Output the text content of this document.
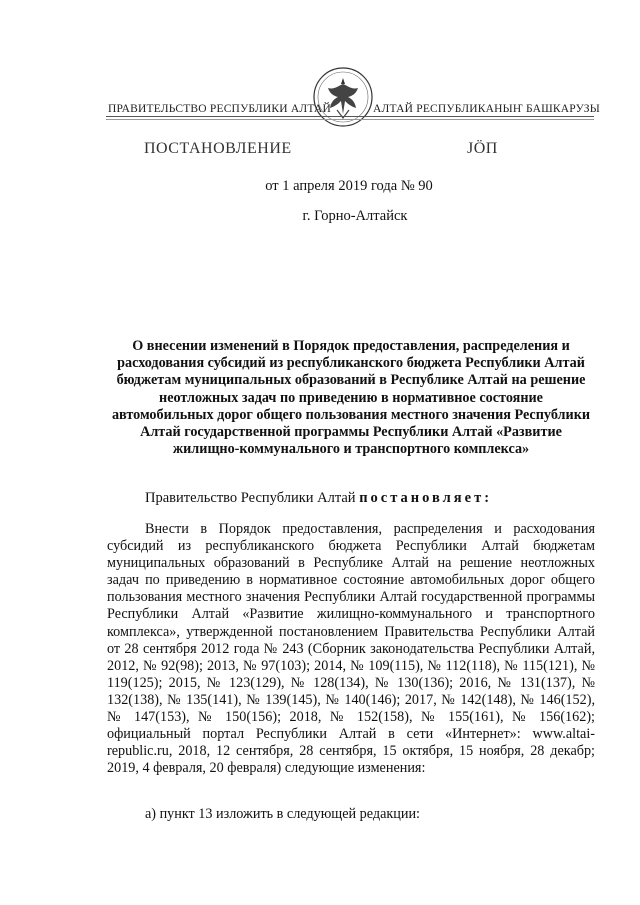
ПРАВИТЕЛЬСТВО РЕСПУБЛИКИ АЛТАЙ	АЛТАЙ РЕСПУБЛИКАНЫҤ БАШКАРУЗЫ
ПОСТАНОВЛЕНИЕ	ЈӦП
от 1 апреля 2019 года № 90
г. Горно-Алтайск
О внесении изменений в Порядок предоставления, распределения и расходования субсидий из республиканского бюджета Республики Алтай бюджетам муниципальных образований в Республике Алтай на решение неотложных задач по приведению в нормативное состояние автомобильных дорог общего пользования местного значения Республики Алтай государственной программы Республики Алтай «Развитие жилищно-коммунального и транспортного комплекса»
Правительство Республики Алтай постановляет:
Внести в Порядок предоставления, распределения и расходования субсидий из республиканского бюджета Республики Алтай бюджетам муниципальных образований в Республике Алтай на решение неотложных задач по приведению в нормативное состояние автомобильных дорог общего пользования местного значения Республики Алтай государственной программы Республики Алтай «Развитие жилищно-коммунального и транспортного комплекса», утвержденной постановлением Правительства Республики Алтай от 28 сентября 2012 года № 243 (Сборник законодательства Республики Алтай, 2012, № 92(98); 2013, № 97(103); 2014, № 109(115), № 112(118), № 115(121), № 119(125); 2015, № 123(129), № 128(134), № 130(136); 2016, № 131(137), № 132(138), № 135(141), № 139(145), № 140(146); 2017, № 142(148), № 146(152), № 147(153), № 150(156); 2018, № 152(158), № 155(161), № 156(162); официальный портал Республики Алтай в сети «Интернет»: www.altai-republic.ru, 2018, 12 сентября, 28 сентября, 15 октября, 15 ноября, 28 декабр; 2019, 4 февраля, 20 февраля) следующие изменения:
а) пункт 13 изложить в следующей редакции:
